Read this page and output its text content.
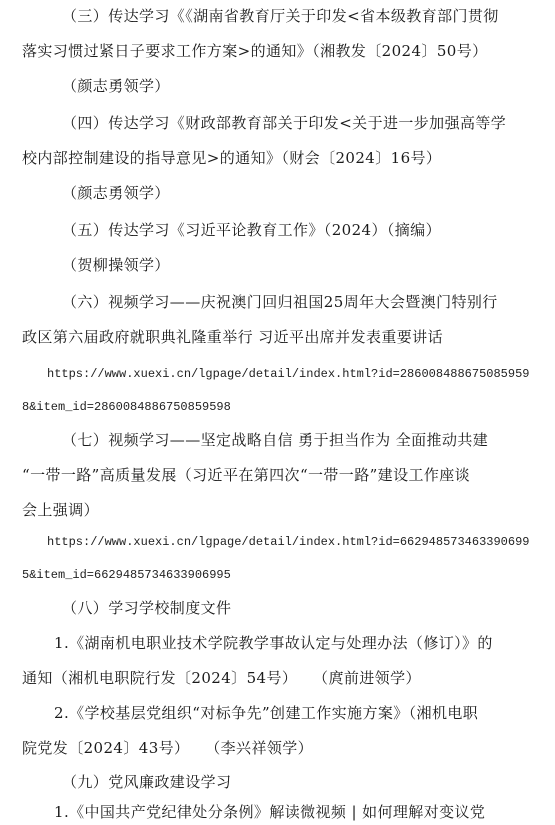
（三）传达学习《《湖南省教育厅关于印发<省本级教育部门贯彻
落实习惯过紧日子要求工作方案>的通知》（湘教发〔2024〕50号）
（颜志勇领学）
（四）传达学习《财政部教育部关于印发<关于进一步加强高等学
校内部控制建设的指导意见>的通知》（财会〔2024〕16号）
（颜志勇领学）
（五）传达学习《习近平论教育工作》（2024）（摘编）
（贺柳操领学）
（六）视频学习——庆祝澳门回归祖国25周年大会暨澳门特别行
政区第六届政府就职典礼隆重举行 习近平出席并发表重要讲话
https://www.xuexi.cn/lgpage/detail/index.html?id=286008488675085959
8&item_id=2860084886750859598
（七）视频学习——坚定战略自信 勇于担当作为 全面推动共建
“一带一路”高质量发展（习近平在第四次“一带一路”建设工作座谈
会上强调）
https://www.xuexi.cn/lgpage/detail/index.html?id=662948573463390699
5&item_id=6629485734633906995
（八）学习学校制度文件
1.《湖南机电职业技术学院教学事故认定与处理办法（修订）》的
通知（湘机电职院行发〔2024〕54号）　　（庹前进领学）
2.《学校基层党组织“对标争先”创建工作实施方案》（湘机电职
院党发〔2024〕43号）　　（李兴祥领学）
（九）党风廉政建设学习
1.《中国共产党纪律处分条例》解读微视频 | 如何理解对变议党
